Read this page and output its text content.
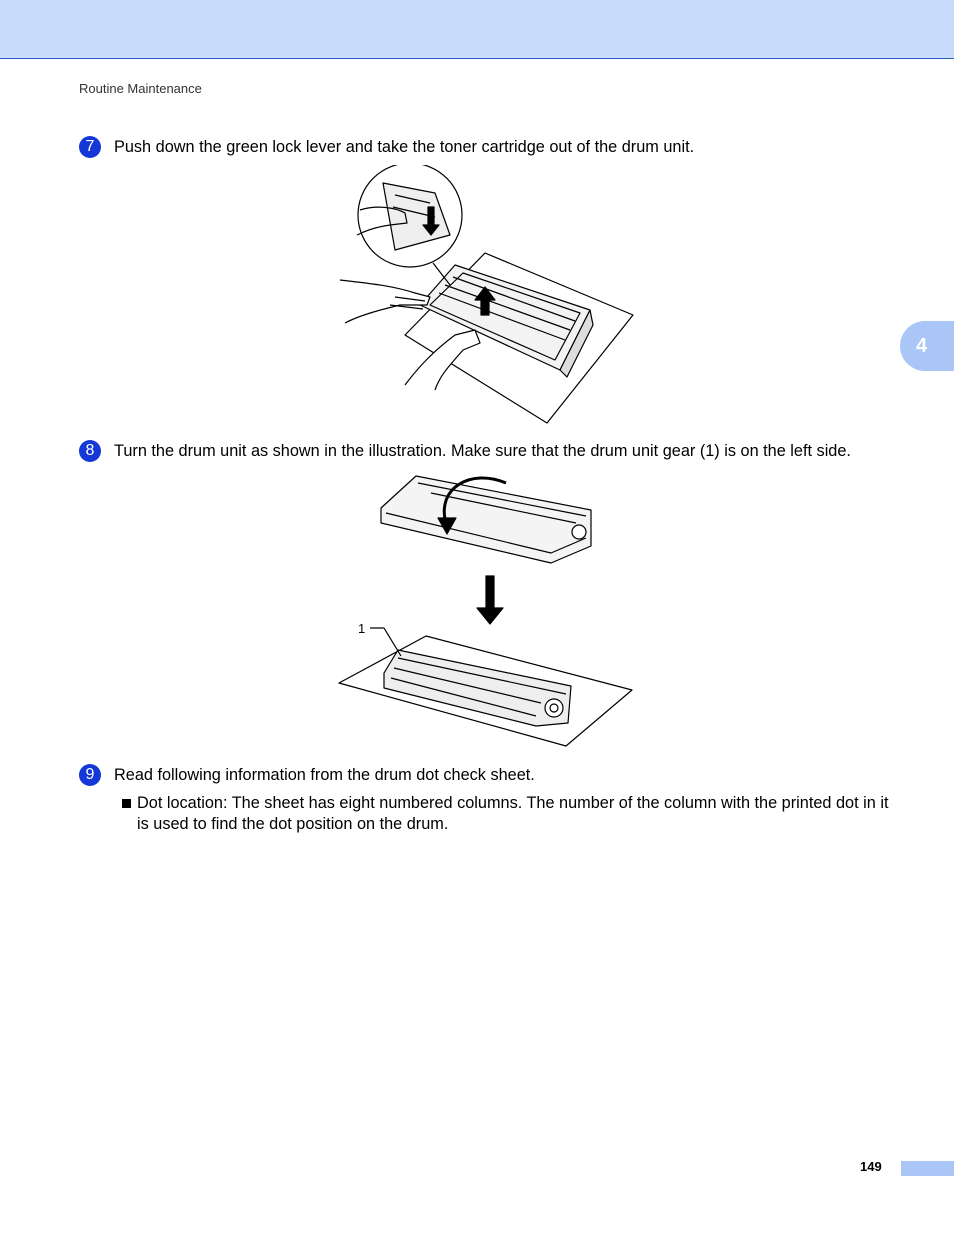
Routine Maintenance
4
7	Push down the green lock lever and take the toner cartridge out of the drum unit.
8	Turn the drum unit as shown in the illustration. Make sure that the drum unit gear (1) is on the left side.
1
9	Read following information from the drum dot check sheet.
Dot location: The sheet has eight numbered columns. The number of the column with the printed dot in it is used to find the dot position on the drum.
149
